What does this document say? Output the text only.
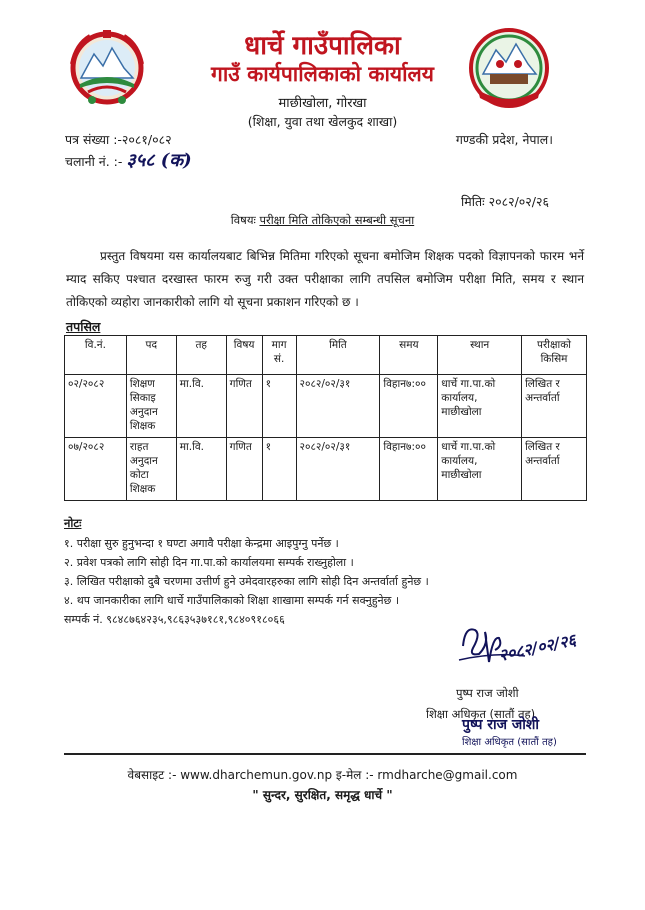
धार्चे गाउँपालिका
गाउँ कार्यपालिकाको कार्यालय
माछीखोला, गोरखा
(शिक्षा, युवा तथा खेलकुद शाखा)
पत्र संख्या :-२०८१/०८२
चलानी नं. :- ३५८ (क)
गण्डकी प्रदेश, नेपाल।
मितिः २०८२/०२/२६
विषयः परीक्षा मिति तोकिएको सम्बन्धी सूचना
प्रस्तुत विषयमा यस कार्यालयबाट बिभिन्न मितिमा गरिएको सूचना बमोजिम शिक्षक पदको विज्ञापनको फारम भर्ने म्याद सकिए पश्चात दरखास्त फारम रुजु गरी उक्त परीक्षाका लागि तपसिल बमोजिम परीक्षा मिति, समय र स्थान तोकिएको व्यहोरा जानकारीको लागि यो सूचना प्रकाशन गरिएको छ ।
तपसिल
वि.नं.	पद	तह	विषय	माग सं.	मिति	समय	स्थान	परीक्षाको किसिम
०२/२०८२	शिक्षण सिकाइ अनुदान शिक्षक	मा.वि.	गणित	१	२०८२/०२/३१	विहान७:००	धार्चे गा.पा.को कार्यालय, माछीखोला	लिखित र अन्तर्वार्ता
०७/२०८२	राहत अनुदान कोटा शिक्षक	मा.वि.	गणित	१	२०८२/०२/३१	विहान७:००	धार्चे गा.पा.को कार्यालय, माछीखोला	लिखित र अन्तर्वार्ता
नोटः
१. परीक्षा सुरु हुनुभन्दा १ घण्टा अगावै परीक्षा केन्द्रमा आइपुग्नु पर्नेछ ।
२. प्रवेश पत्रको लागि सोही दिन गा.पा.को कार्यालयमा सम्पर्क राख्नुहोला ।
३. लिखित परीक्षाको दुबै चरणमा उत्तीर्ण हुने उमेदवारहरुका लागि सोही दिन अन्तर्वार्ता हुनेछ ।
४. थप जानकारीका लागि धार्चे गाउँपालिकाको शिक्षा शाखामा सम्पर्क गर्न सक्नुहुनेछ ।
सम्पर्क नं. ९८४८७६४२३५,९८६३५३७१८१,९८४०९१८०६६
२०८२/०२/२६
पुष्प राज जोशी
शिक्षा अधिकृत (सातौं तह)
पुष्प राज जोशी
शिक्षा अधिकृत (सातौं तह)
वेबसाइट :- www.dharchemun.gov.np इ-मेल :- rmdharche@gmail.com
" सुन्दर, सुरक्षित, समृद्ध धार्चे "
